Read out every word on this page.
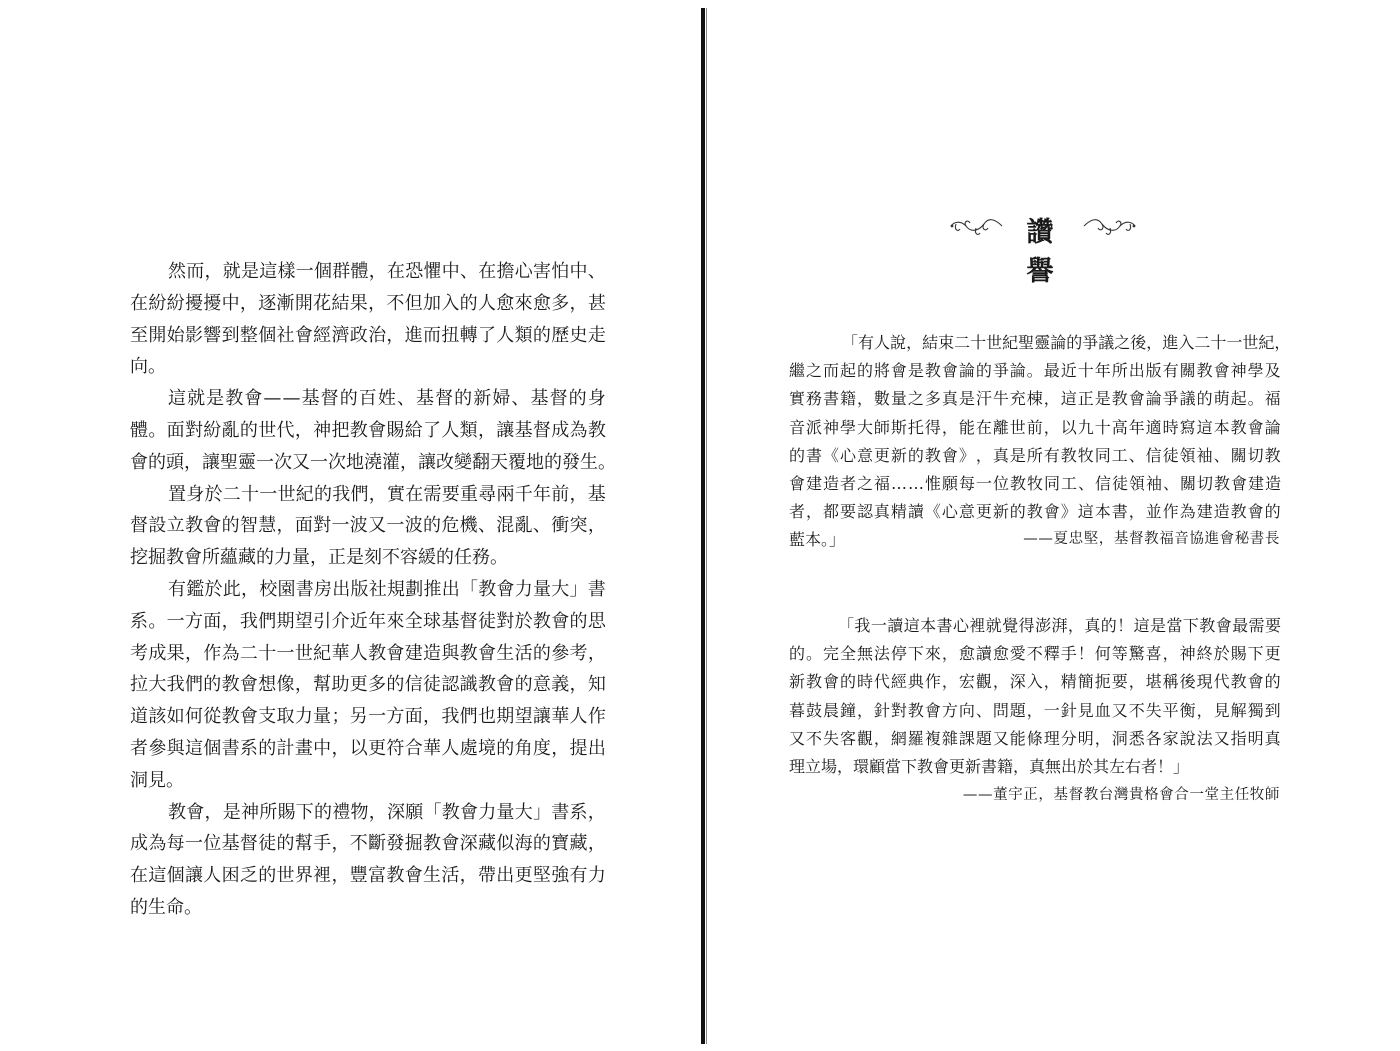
然 而 ， 就 是 這 樣 一 個 群 體 ， 在 恐 懼 中 、 在 擔 心 害 怕 中 、
在 紛 紛 擾 擾 中 ， 逐 漸 開 花 結 果 ， 不 但 加 入 的 人 愈 來 愈 多 ， 甚
至 開 始 影 響 到 整 個 社 會 經 濟 政 治 ， 進 而 扭 轉 了 人 類 的 歷 史 走
向。
這 就 是 教 會 — — 基 督 的 百 姓 、 基 督 的 新 婦 、 基 督 的 身
體 。 面 對 紛 亂 的 世 代 ， 神 把 教 會 賜 給 了 人 類 ， 讓 基 督 成 為 教
會的頭，讓聖靈一次又一次地澆灌，讓改變翻天覆地的發生。
置 身 於 二 十 一 世 紀 的 我 們 ， 實 在 需 要 重 尋 兩 千 年 前 ， 基
督 設 立 教 會 的 智 慧 ， 面 對 一 波 又 一 波 的 危 機 、 混 亂 、 衝 突 ，
挖掘教會所蘊藏的力量，正是刻不容緩的任務。
有 鑑 於 此 ， 校 園 書 房 出 版 社 規 劃 推 出 「 教 會 力 量 大 」 書
系 。 一 方 面 ， 我 們 期 望 引 介 近 年 來 全 球 基 督 徒 對 於 教 會 的 思
考 成 果 ， 作 為 二 十 一 世 紀 華 人 教 會 建 造 與 教 會 生 活 的 參 考 ，
拉 大 我 們 的 教 會 想 像 ， 幫 助 更 多 的 信 徒 認 識 教 會 的 意 義 ， 知
道 該 如 何 從 教 會 支 取 力 量 ； 另 一 方 面 ， 我 們 也 期 望 讓 華 人 作
者 參 與 這 個 書 系 的 計 畫 中 ， 以 更 符 合 華 人 處 境 的 角 度 ， 提 出
洞見。
教 會 ， 是 神 所 賜 下 的 禮 物 ， 深 願 「 教 會 力 量 大 」 書 系 ，
成 為 每 一 位 基 督 徒 的 幫 手 ， 不 斷 發 掘 教 會 深 藏 似 海 的 寶 藏 ，
在 這 個 讓 人 困 乏 的 世 界 裡 ， 豐 富 教 會 生 活 ， 帶 出 更 堅 強 有 力
的生命。
讚譽
「 有 人 說 ， 結 束 二 十 世 紀 聖 靈 論 的 爭 議 之 後 ， 進 入 二 十 一 世 紀 ，
繼 之 而 起 的 將 會 是 教 會 論 的 爭 論 。 最 近 十 年 所 出 版 有 關 教 會 神 學 及
實 務 書 籍 ， 數 量 之 多 真 是 汗 牛 充 棟 ， 這 正 是 教 會 論 爭 議 的 萌 起 。 福
音 派 神 學 大 師 斯 托 得 ， 能 在 離 世 前 ， 以 九 十 高 年 適 時 寫 這 本 教 會 論
的 書 《 心 意 更 新 的 教 會 》 ， 真 是 所 有 教 牧 同 工 、 信 徒 領 袖 、 關 切 教
會 建 造 者 之 福 … … 惟 願 每 一 位 教 牧 同 工 、 信 徒 領 袖 、 關 切 教 會 建 造
者 ， 都 要 認 真 精 讀 《 心 意 更 新 的 教 會 》 這 本 書 ， 並 作 為 建 造 教 會 的
藍本。」	——夏忠堅，基督教福音協進會秘書長
「 我 一 讀 這 本 書 心 裡 就 覺 得 澎 湃 ， 真 的 ！ 這 是 當 下 教 會 最 需 要
的 。 完 全 無 法 停 下 來 ， 愈 讀 愈 愛 不 釋 手 ！ 何 等 驚 喜 ， 神 終 於 賜 下 更
新 教 會 的 時 代 經 典 作 ， 宏 觀 ， 深 入 ， 精 簡 扼 要 ， 堪 稱 後 現 代 教 會 的
暮 鼓 晨 鐘 ， 針 對 教 會 方 向 、 問 題 ， 一 針 見 血 又 不 失 平 衡 ， 見 解 獨 到
又 不 失 客 觀 ， 網 羅 複 雜 課 題 又 能 條 理 分 明 ， 洞 悉 各 家 說 法 又 指 明 真
理立場，環顧當下教會更新書籍，真無出於其左右者！」
——董宇正，基督教台灣貴格會合一堂主任牧師
